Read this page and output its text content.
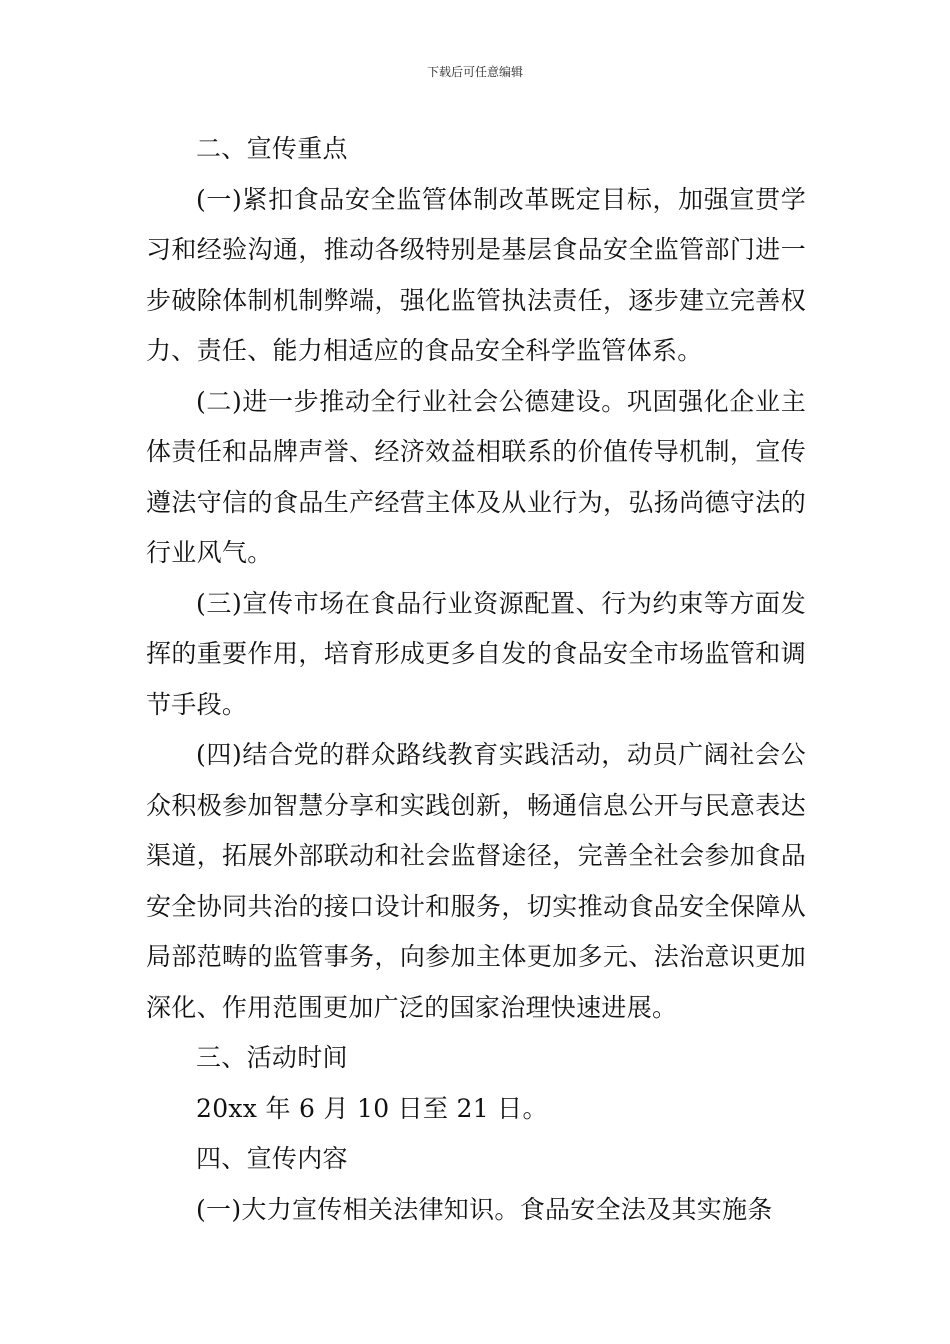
下载后可任意编辑

二、宣传重点

(一)紧扣食品安全监管体制改革既定目标，加强宣贯学习和经验沟通，推动各级特别是基层食品安全监管部门进一步破除体制机制弊端，强化监管执法责任，逐步建立完善权力、责任、能力相适应的食品安全科学监管体系。

(二)进一步推动全行业社会公德建设。巩固强化企业主体责任和品牌声誉、经济效益相联系的价值传导机制，宣传遵法守信的食品生产经营主体及从业行为，弘扬尚德守法的行业风气。

(三)宣传市场在食品行业资源配置、行为约束等方面发挥的重要作用，培育形成更多自发的食品安全市场监管和调节手段。

(四)结合党的群众路线教育实践活动，动员广阔社会公众积极参加智慧分享和实践创新，畅通信息公开与民意表达渠道，拓展外部联动和社会监督途径，完善全社会参加食品安全协同共治的接口设计和服务，切实推动食品安全保障从局部范畴的监管事务，向参加主体更加多元、法治意识更加深化、作用范围更加广泛的国家治理快速进展。

三、活动时间

20xx 年 6 月 10 日至 21 日。

四、宣传内容

(一)大力宣传相关法律知识。食品安全法及其实施条
